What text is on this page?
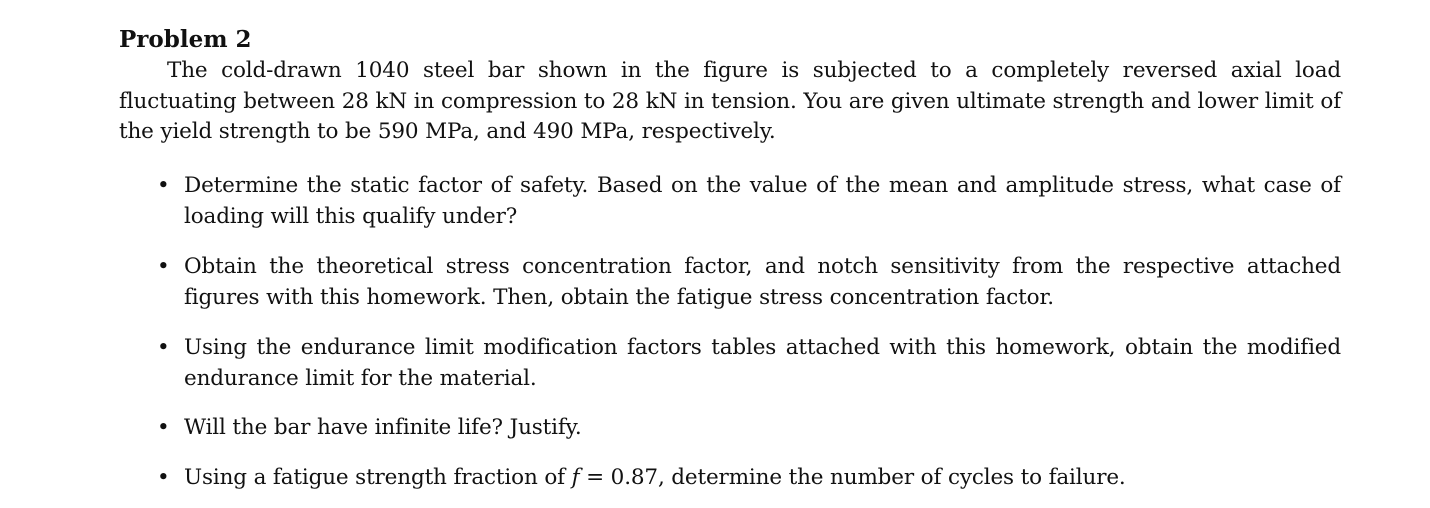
Problem 2

The cold-drawn 1040 steel bar shown in the figure is subjected to a completely reversed axial load fluctuating between 28 kN in compression to 28 kN in tension. You are given ultimate strength and lower limit of the yield strength to be 590 MPa, and 490 MPa, respectively.

• Determine the static factor of safety. Based on the value of the mean and amplitude stress, what case of loading will this qualify under?
• Obtain the theoretical stress concentration factor, and notch sensitivity from the respective attached figures with this homework. Then, obtain the fatigue stress concentration factor.
• Using the endurance limit modification factors tables attached with this homework, obtain the modified endurance limit for the material.
• Will the bar have infinite life? Justify.
• Using a fatigue strength fraction of f = 0.87, determine the number of cycles to failure.
